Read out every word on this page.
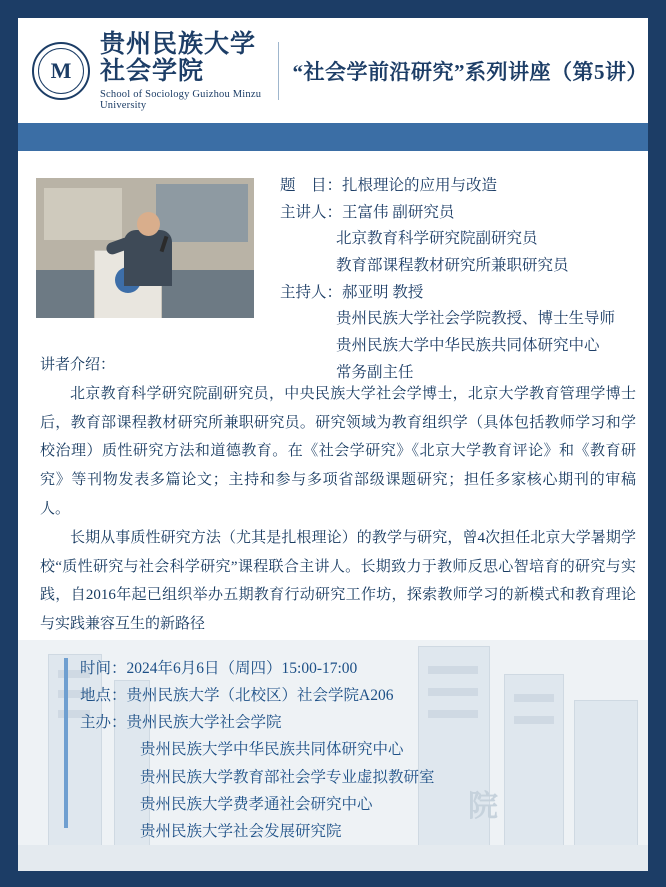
M
贵州民族大学社会学院
School of Sociology Guizhou Minzu University
“社会学前沿研究”系列讲座（第5讲）
题　目： 扎根理论的应用与改造
主讲人： 王富伟 副研究员
北京教育科学研究院副研究员
教育部课程教材研究所兼职研究员
主持人： 郝亚明 教授
贵州民族大学社会学院教授、博士生导师
贵州民族大学中华民族共同体研究中心
常务副主任

讲者介绍：

北京教育科学研究院副研究员，中央民族大学社会学博士，北京大学教育管理学博士后，教育部课程教材研究所兼职研究员。研究领域为教育组织学（具体包括教师学习和学校治理）质性研究方法和道德教育。在《社会学研究》《北京大学教育评论》和《教育研究》等刊物发表多篇论文；主持和参与多项省部级课题研究；担任多家核心期刊的审稿人。

长期从事质性研究方法（尤其是扎根理论）的教学与研究，曾4次担任北京大学暑期学校“质性研究与社会科学研究”课程联合主讲人。长期致力于教师反思心智培育的研究与实践，自2016年起已组织举办五期教育行动研究工作坊，探索教师学习的新模式和教育理论与实践兼容互生的新路径

院
时间： 2024年6月6日（周四）15:00-17:00
地点： 贵州民族大学（北校区）社会学院A206
主办： 贵州民族大学社会学院
贵州民族大学中华民族共同体研究中心
贵州民族大学教育部社会学专业虚拟教研室
贵州民族大学费孝通社会研究中心
贵州民族大学社会发展研究院
